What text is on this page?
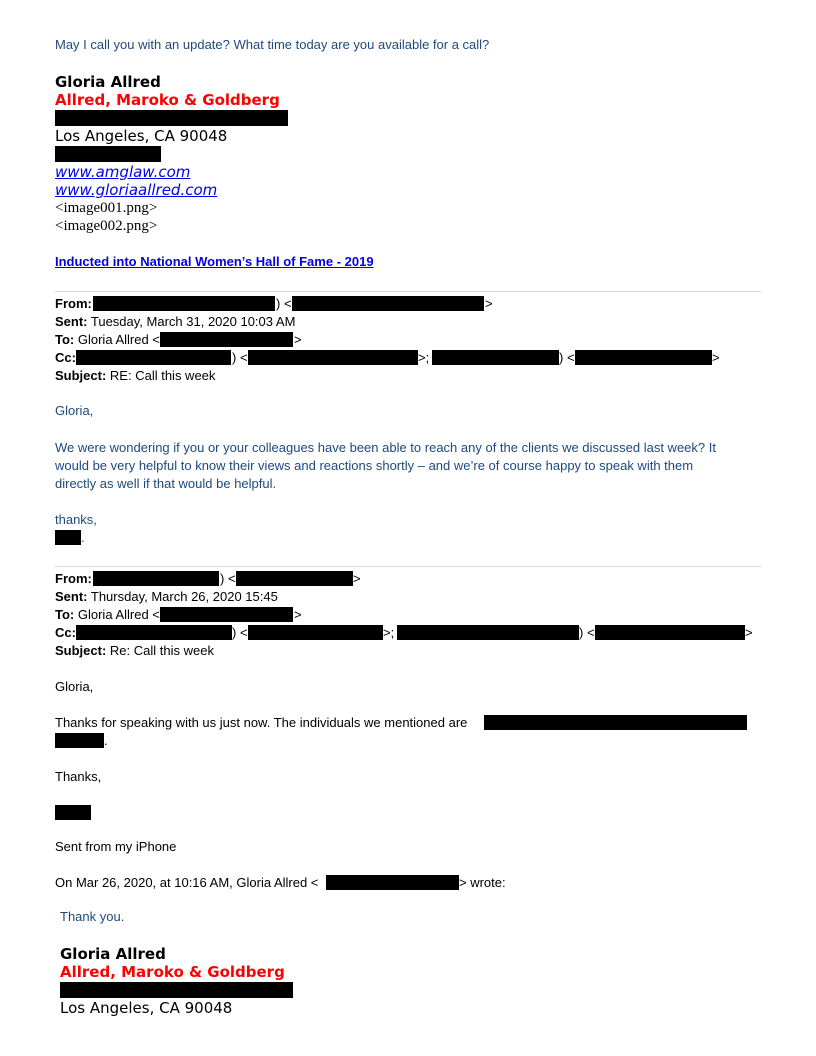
May I call you with an update? What time today are you available for a call?
Gloria Allred
Allred, Maroko & Goldberg
Los Angeles, CA 90048
www.amglaw.com
www.gloriaallred.com
<image001.png>
<image002.png>
Inducted into National Women’s Hall of Fame - 2019
From:	) <	>
Sent: Tuesday, March 31, 2020 10:03 AM
To: Gloria Allred <	>
Cc:	) <	>;	) <	>
Subject: RE: Call this week
Gloria,
We were wondering if you or your colleagues have been able to reach any of the clients we discussed last week? It
would be very helpful to know their views and reactions shortly – and we’re of course happy to speak with them
directly as well if that would be helpful.
thanks,
.
From:	) <	>
Sent: Thursday, March 26, 2020 15:45
To: Gloria Allred <	>
Cc:	) <	>;	) <	>
Subject: Re: Call this week
Gloria,
Thanks for speaking with us just now. The individuals we mentioned are
.
Thanks,
Sent from my iPhone
On Mar 26, 2020, at 10:16 AM, Gloria Allred <	> wrote:
Thank you.
Gloria Allred
Allred, Maroko & Goldberg
Los Angeles, CA 90048
